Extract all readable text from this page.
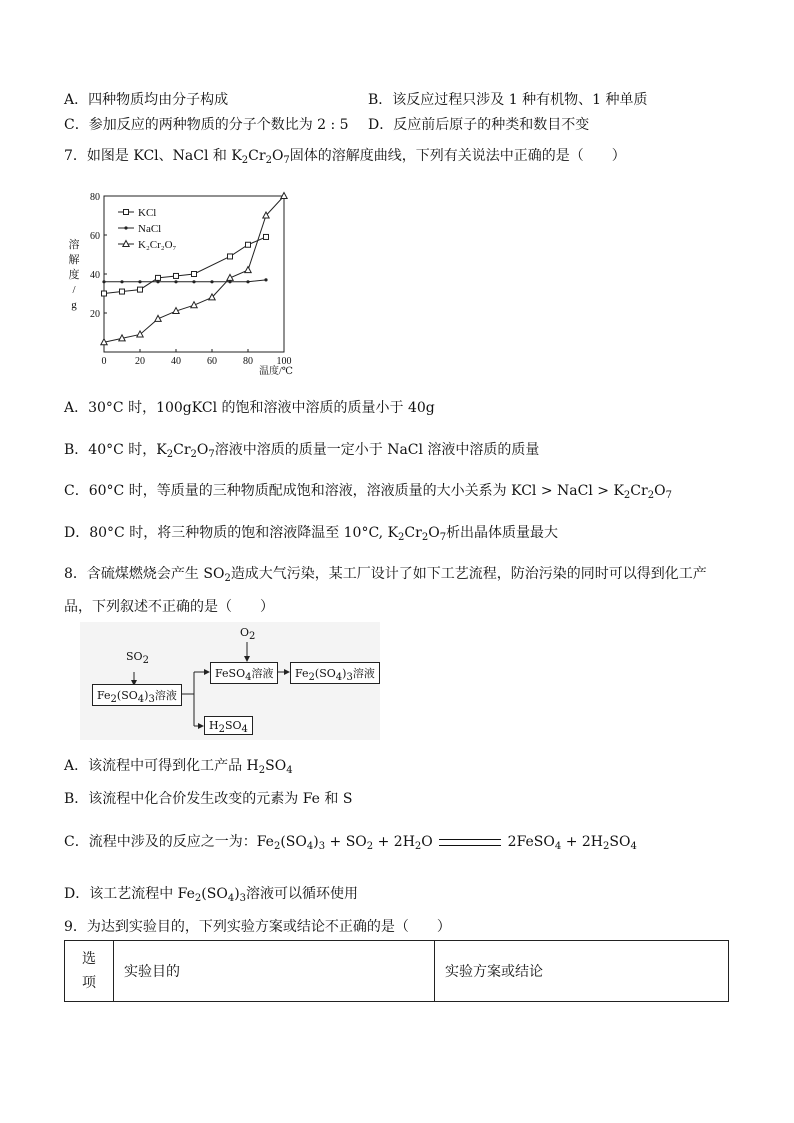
A．四种物质均由分子构成	B．该反应过程只涉及 1 种有机物、1 种单质
C．参加反应的两种物质的分子个数比为 2 : 5 D．反应前后原子的种类和数目不变
7．如图是 KCl、NaCl 和 $K_2Cr_2O_7$固体的溶解度曲线，下列有关说法中正确的是（　　）
0	20	40	60	80 100
20
40
60
80
溶
解
度
/
g
温度/℃
KCl
NaCl
K₂Cr₂O₇
A．30°C 时，100gKCl 的饱和溶液中溶质的质量小于 40g
B．40°C 时，$K_2Cr_2O_7$溶液中溶质的质量一定小于 NaCl 溶液中溶质的质量
C．60°C 时，等质量的三种物质配成饱和溶液，溶液质量的大小关系为 KCl > NaCl > $K_2Cr_2O_7$
D．80°C 时，将三种物质的饱和溶液降温至 10°C, $K_2Cr_2O_7$析出晶体质量最大
8．含硫煤燃烧会产生 $SO_2$造成大气污染，某工厂设计了如下工艺流程，防治污染的同时可以得到化工产
品，下列叙述不正确的是（　　）
$SO_2$
$O_2$
$Fe_2(SO_4)_3$溶液
FeSO$_4$溶液	$Fe_2(SO_4)_3$溶液
$H_2SO_4$
A．该流程中可得到化工产品 $H_2SO_4$
B．该流程中化合价发生改变的元素为 Fe 和 S
C．流程中涉及的反应之一为：$Fe_2(SO_4)_3 + SO_2 + 2H_2O$	2FeSO$_4$ + $2H_2SO_4$
D．该工艺流程中 $Fe_2(SO_4)_3$溶液可以循环使用
9．为达到实验目的，下列实验方案或结论不正确的是（　　）
选
项	实验目的	实验方案或结论
